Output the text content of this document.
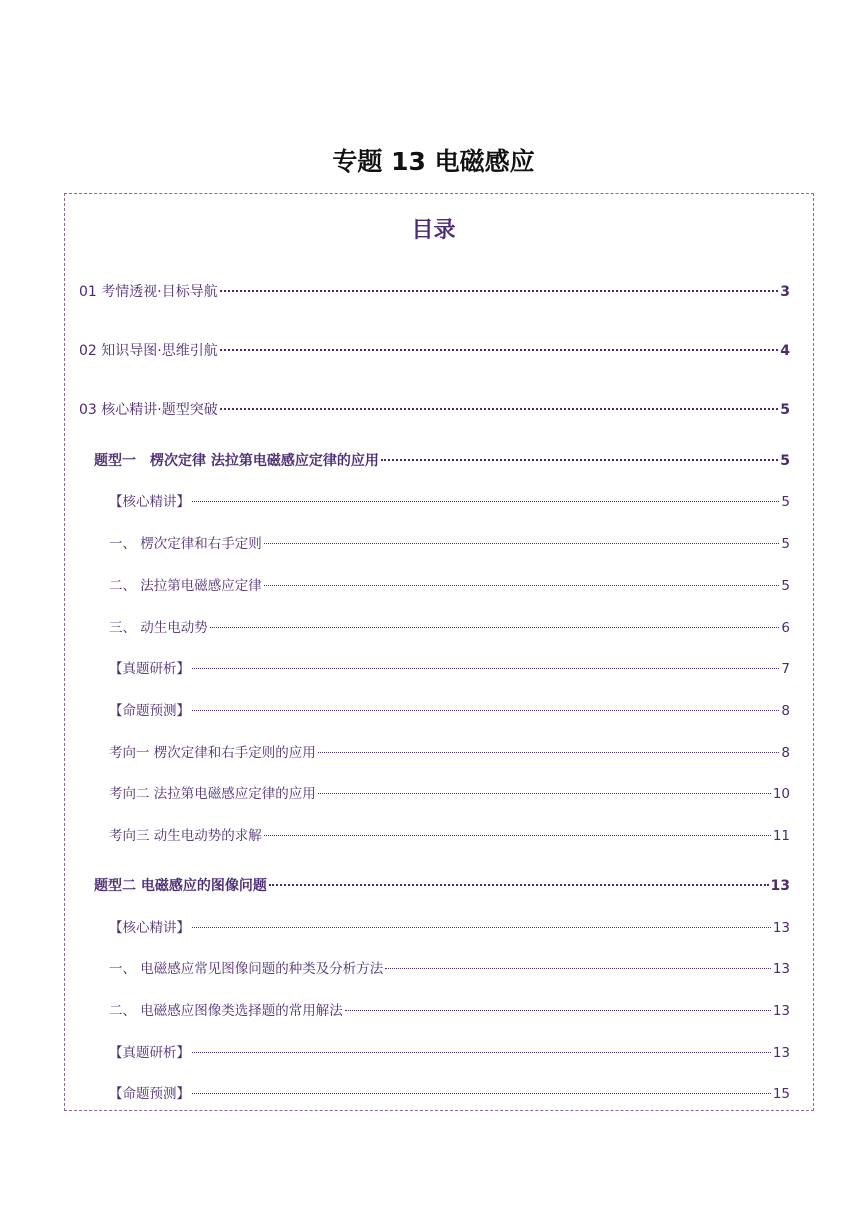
专题 13 电磁感应
目录
01 考情透视·目标导航	3
02 知识导图·思维引航	4
03 核心精讲·题型突破	5
题型一　楞次定律 法拉第电磁感应定律的应用	5
【核心精讲】	5
一、 楞次定律和右手定则	5
二、 法拉第电磁感应定律	5
三、 动生电动势	6
【真题研析】	7
【命题预测】	8
考向一 楞次定律和右手定则的应用	8
考向二 法拉第电磁感应定律的应用	10
考向三 动生电动势的求解	11
题型二 电磁感应的图像问题	13
【核心精讲】	13
一、 电磁感应常见图像问题的种类及分析方法	13
二、 电磁感应图像类选择题的常用解法	13
【真题研析】	13
【命题预测】	15
